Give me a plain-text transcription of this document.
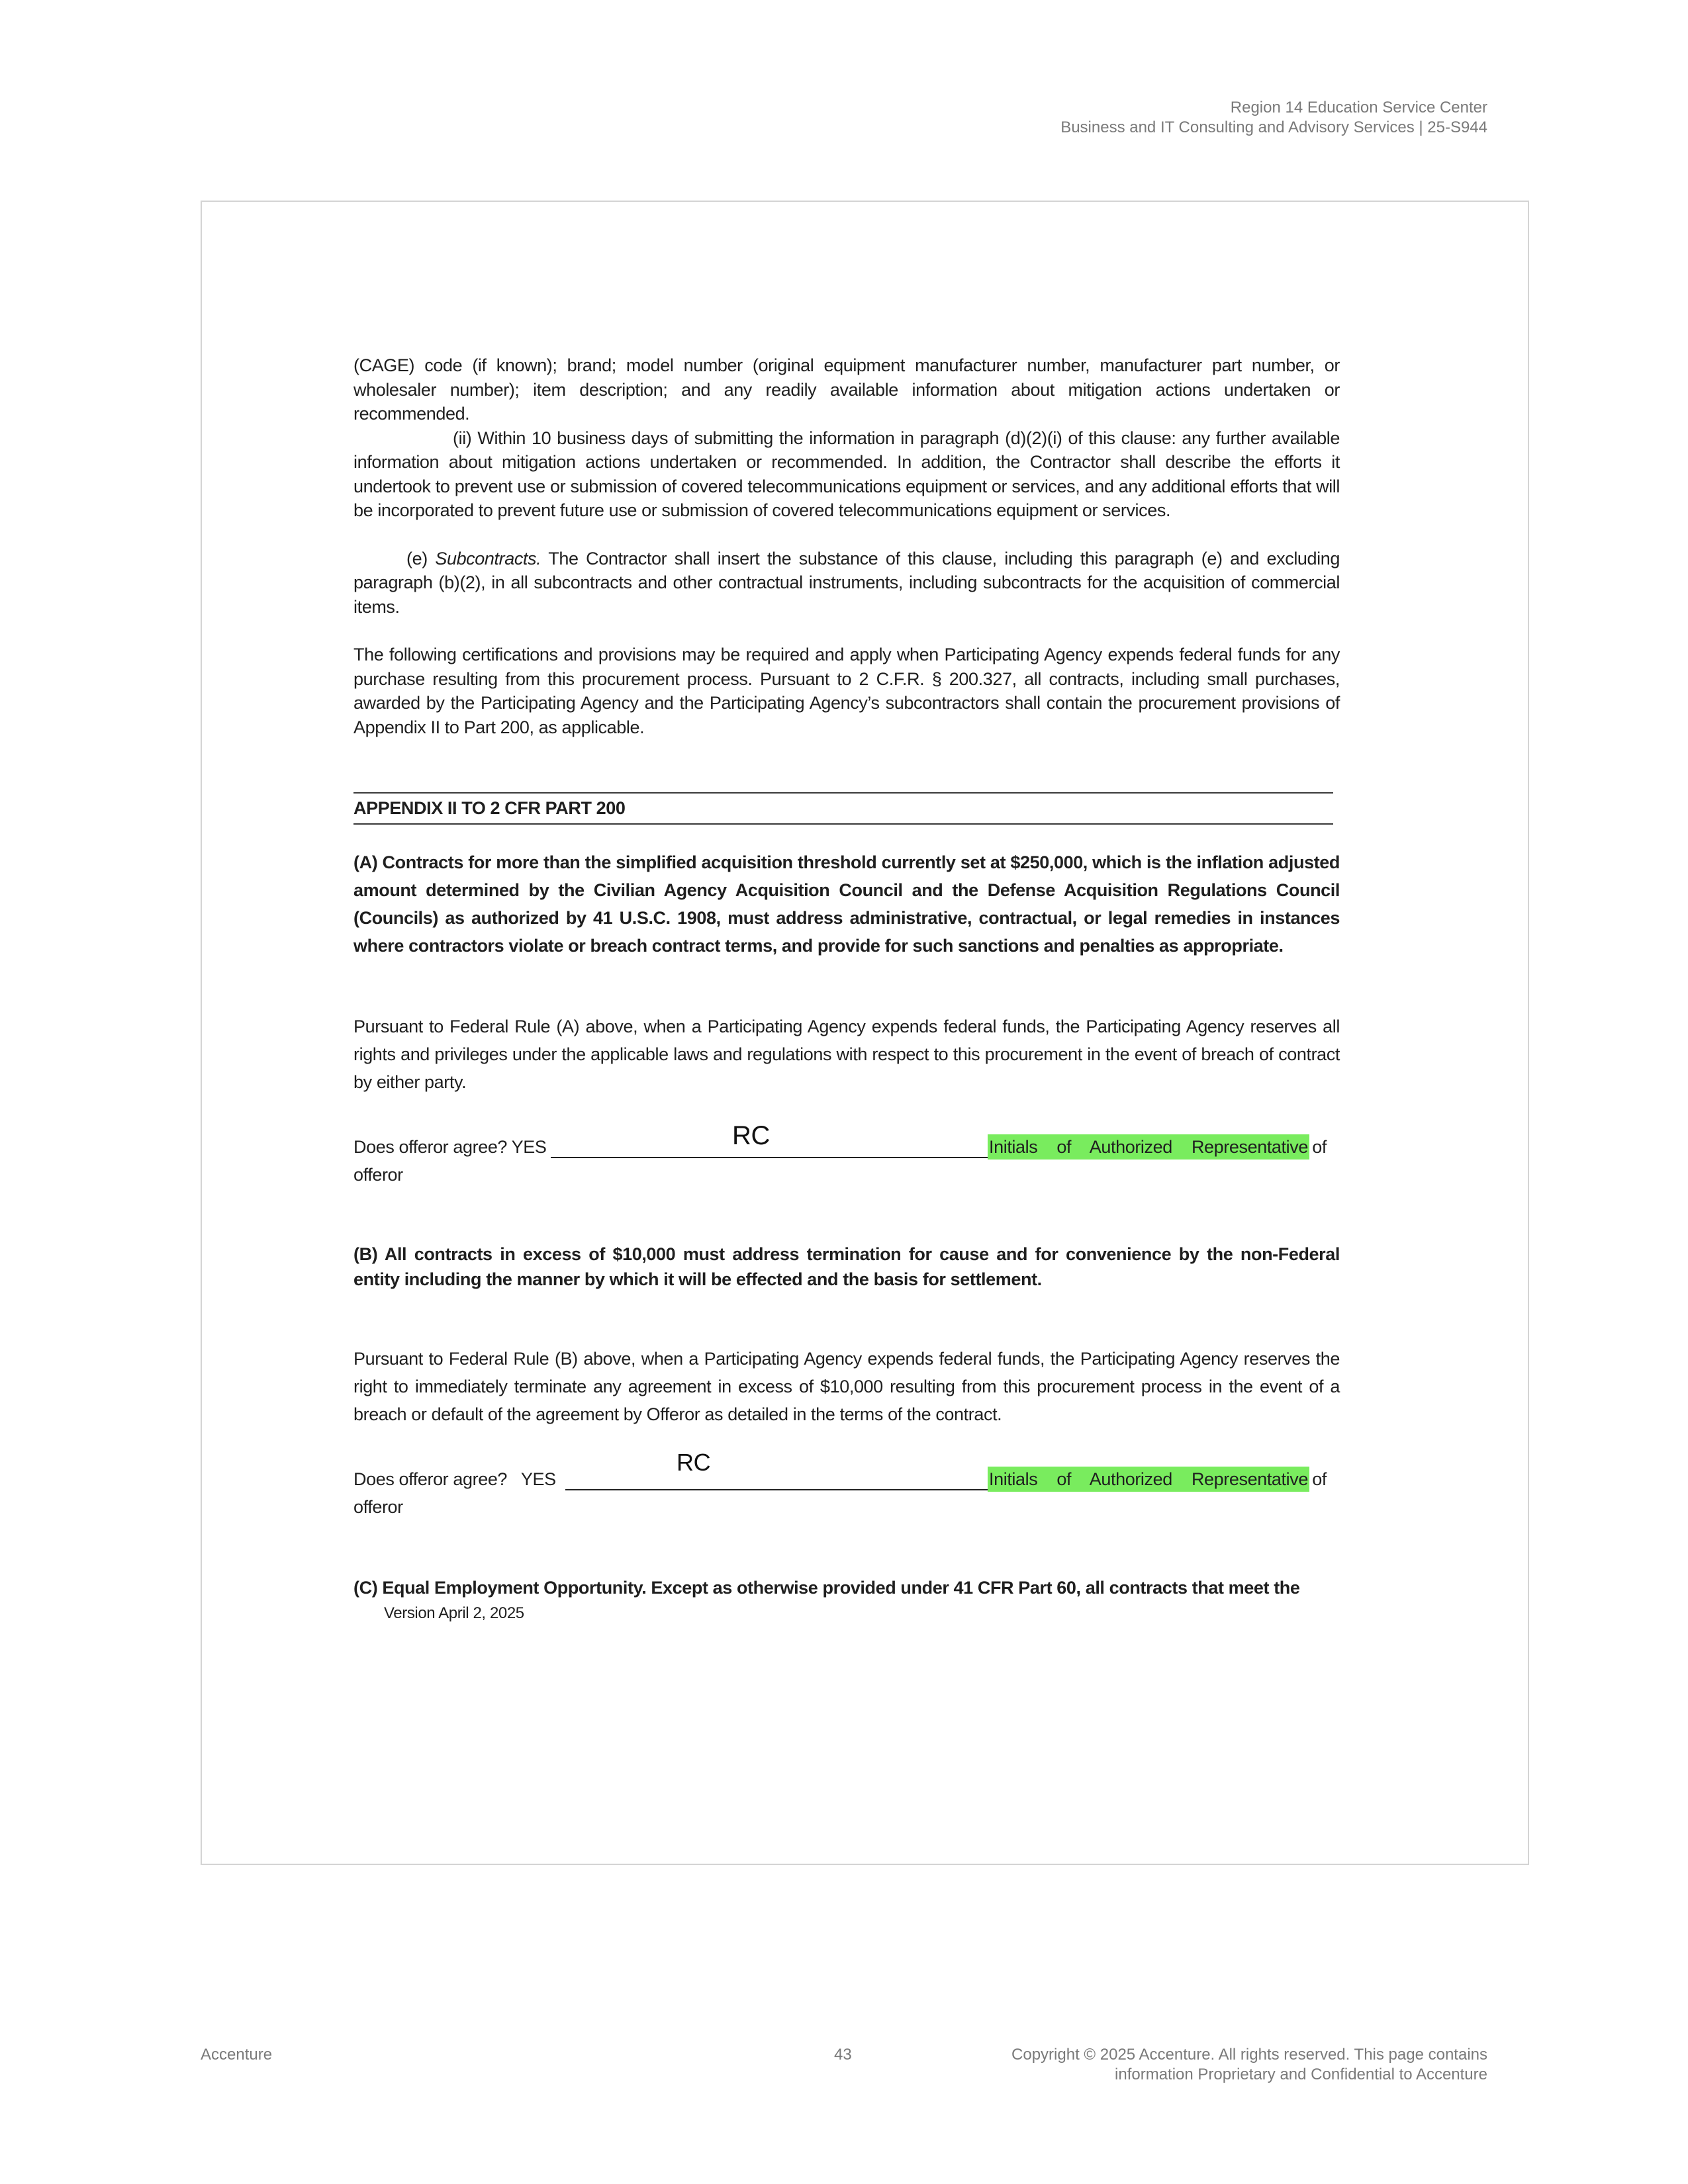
Region 14 Education Service Center
Business and IT Consulting and Advisory Services | 25-S944

(CAGE) code (if known); brand; model number (original equipment manufacturer number, manufacturer part number, or wholesaler number); item description; and any readily available information about mitigation actions undertaken or recommended.

(ii) Within 10 business days of submitting the information in paragraph (d)(2)(i) of this clause: any further available information about mitigation actions undertaken or recommended. In addition, the Contractor shall describe the efforts it undertook to prevent use or submission of covered telecommunications equipment or services, and any additional efforts that will be incorporated to prevent future use or submission of covered telecommunications equipment or services.

(e) Subcontracts. The Contractor shall insert the substance of this clause, including this paragraph (e) and excluding paragraph (b)(2), in all subcontracts and other contractual instruments, including subcontracts for the acquisition of commercial items.

The following certifications and provisions may be required and apply when Participating Agency expends federal funds for any purchase resulting from this procurement process. Pursuant to 2 C.F.R. § 200.327, all contracts, including small purchases, awarded by the Participating Agency and the Participating Agency’s subcontractors shall contain the procurement provisions of Appendix II to Part 200, as applicable.

APPENDIX II TO 2 CFR PART 200

(A) Contracts for more than the simplified acquisition threshold currently set at $250,000, which is the inflation adjusted amount determined by the Civilian Agency Acquisition Council and the Defense Acquisition Regulations Council (Councils) as authorized by 41 U.S.C. 1908, must address administrative, contractual, or legal remedies in instances where contractors violate or breach contract terms, and provide for such sanctions and penalties as appropriate.

Pursuant to Federal Rule (A) above, when a Participating Agency expends federal funds, the Participating Agency reserves all rights and privileges under the applicable laws and regulations with respect to this procurement in the event of breach of contract by either party.

Does offeror agree? YES	RC	Initials of Authorized Representative of
offeror

(B) All contracts in excess of $10,000 must address termination for cause and for convenience by the non-Federal entity including the manner by which it will be effected and the basis for settlement.

Pursuant to Federal Rule (B) above, when a Participating Agency expends federal funds, the Participating Agency reserves the right to immediately terminate any agreement in excess of $10,000 resulting from this procurement process in the event of a breach or default of the agreement by Offeror as detailed in the terms of the contract.

Does offeror agree?   YES
RC
Initials of Authorized Representative of
offeror

(C) Equal Employment Opportunity. Except as otherwise provided under 41 CFR Part 60, all contracts that meet the

Version April 2, 2025
Accenture	43	Copyright © 2025 Accenture. All rights reserved. This page contains
information Proprietary and Confidential to Accenture
